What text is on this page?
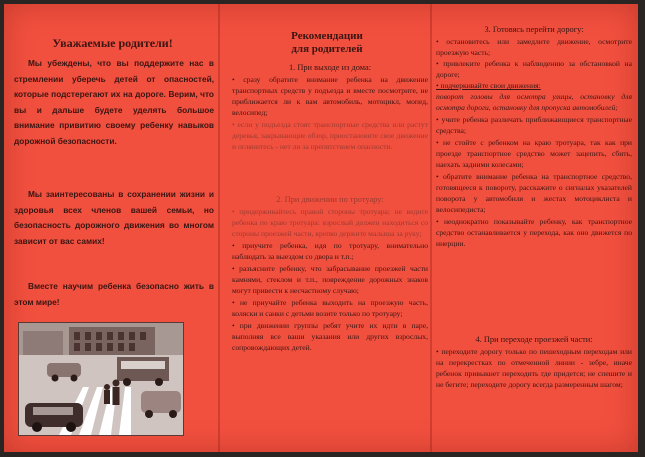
Уважаемые родители!

Мы убеждены, что вы поддержите нас в стремлении уберечь детей от опасностей, которые подстерегают их на дороге. Верим, что вы и дальше будете уделять большое внимание привитию своему ребенку навыков дорожной безопасности.

Мы заинтересованы в сохранении жизни и здоровья всех членов вашей семьи, но безопасность дорожного движения во многом зависит от вас самих!

Вместе научим ребенка безопасно жить в этом мире!

Рекомендации
для родителей

1. При выходе из дома:

• сразу обратите внимание ребенка на движение транспортных средств у подъезда и вместе посмотрите, не приближается ли к вам автомобиль, мотоцикл, мопед, велосипед;

• если у подъезда стоят транспортные средства или растут деревья, закрывающие обзор, приостановите свое движение и оглянитесь - нет ли за препятствием опасности.

2. При движении по тротуару:

• придерживайтесь правой стороны тротуара; не ведите ребенка по краю тротуара: взрослый должен находиться со стороны проезжей части, крепко держите малыша за руку;

• приучите ребенка, идя по тротуару, внимательно наблюдать за выездом со двора и т.п.;

• разъясните ребенку, что забрасывание проезжей части камнями, стеклом и т.п., повреждение дорожных знаков могут привести к несчастному случаю;

• не приучайте ребенка выходить на проезжую часть, коляски и санки с детьми возите только по тротуару;

• при движении группы ребят учите их идти в паре, выполняя все ваши указания или других взрослых, сопровождающих детей.

3. Готовясь перейти дорогу:

• остановитесь или замедлите движение, осмотрите проезжую часть;

• привлеките ребенка к наблюдению за обстановкой на дороге;

• подчеркивайте свои движения:

поворот головы для осмотра улицы, остановку для осмотра дороги, остановку для пропуска автомобилей;

• учите ребенка различать приближающиеся транспортные средства;

• не стойте с ребенком на краю тротуара, так как при проезде транспортное средство может зацепить, сбить, наехать задними колесами;

• обратите внимание ребенка на транспортное средство, готовящееся к повороту, расскажите о сигналах указателей поворота у автомобиля и жестах мотоциклиста и велосипедиста;

• неоднократно показывайте ребенку, как транспортное средство останавливается у перехода, как оно движется по инерции.

4. При переходе проезжей части:

• переходите дорогу только по пешеходным переходам или на перекрестках по отмеченной линии - зебре, иначе ребенок привыкнет переходить где придется; не спешите и не бегите; переходите дорогу всегда размеренным шагом;
